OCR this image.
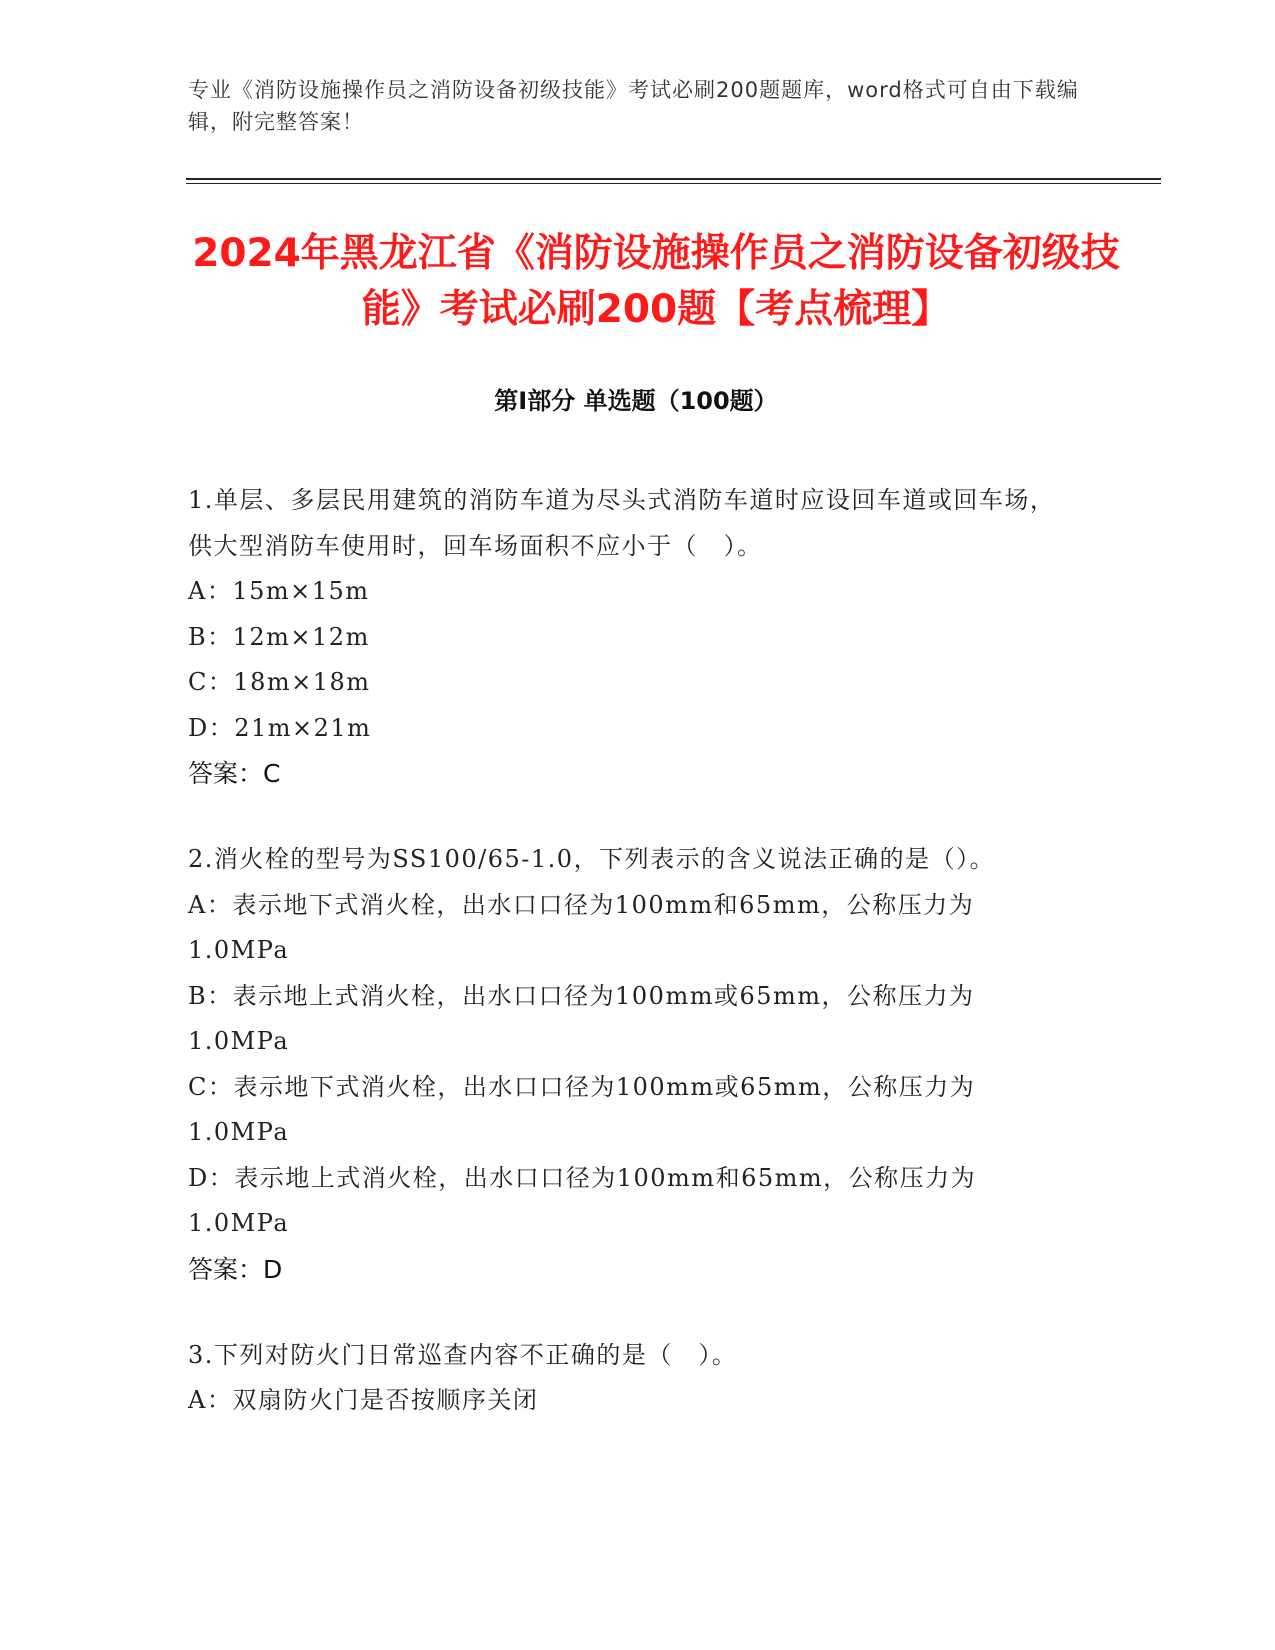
专业《消防设施操作员之消防设备初级技能》考试必刷200题题库，word格式可自由下载编辑，附完整答案！
2024年黑龙江省《消防设施操作员之消防设备初级技能》考试必刷200题【考点梳理】
第Ⅰ部分 单选题（100题）

1.单层、多层民用建筑的消防车道为尽头式消防车道时应设回车道或回车场，供大型消防车使用时，回车场面积不应小于（　）。

A：15m×15m

B：12m×12m

C：18m×18m

D：21m×21m

答案：C

2.消火栓的型号为SS100/65-1.0，下列表示的含义说法正确的是（）。

A：表示地下式消火栓，出水口口径为100mm和65mm，公称压力为1.0MPa

B：表示地上式消火栓，出水口口径为100mm或65mm，公称压力为1.0MPa

C：表示地下式消火栓，出水口口径为100mm或65mm，公称压力为1.0MPa

D：表示地上式消火栓，出水口口径为100mm和65mm，公称压力为1.0MPa

答案：D

3.下列对防火门日常巡查内容不正确的是（　）。

A：双扇防火门是否按顺序关闭
